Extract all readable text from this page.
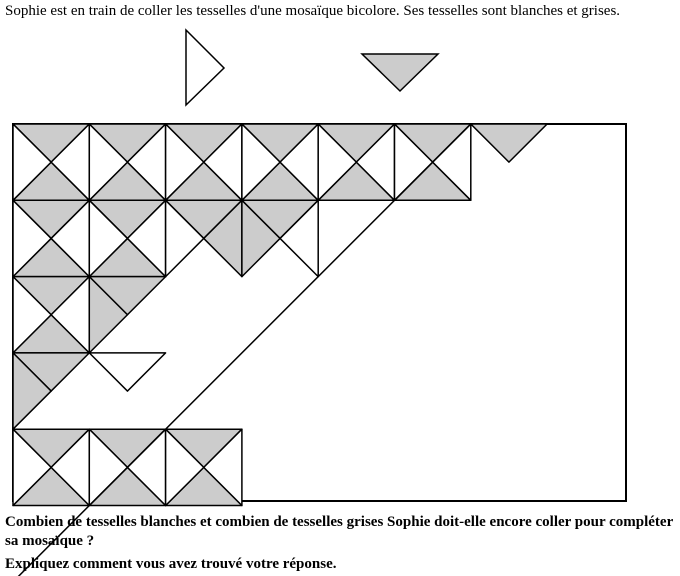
Sophie est en train de coller les tesselles d'une mosaïque bicolore. Ses tesselles sont blanches et grises.

Combien de tesselles blanches et combien de tesselles grises Sophie doit-elle encore coller pour compléter sa mosaïque ?

Expliquez comment vous avez trouvé votre réponse.
